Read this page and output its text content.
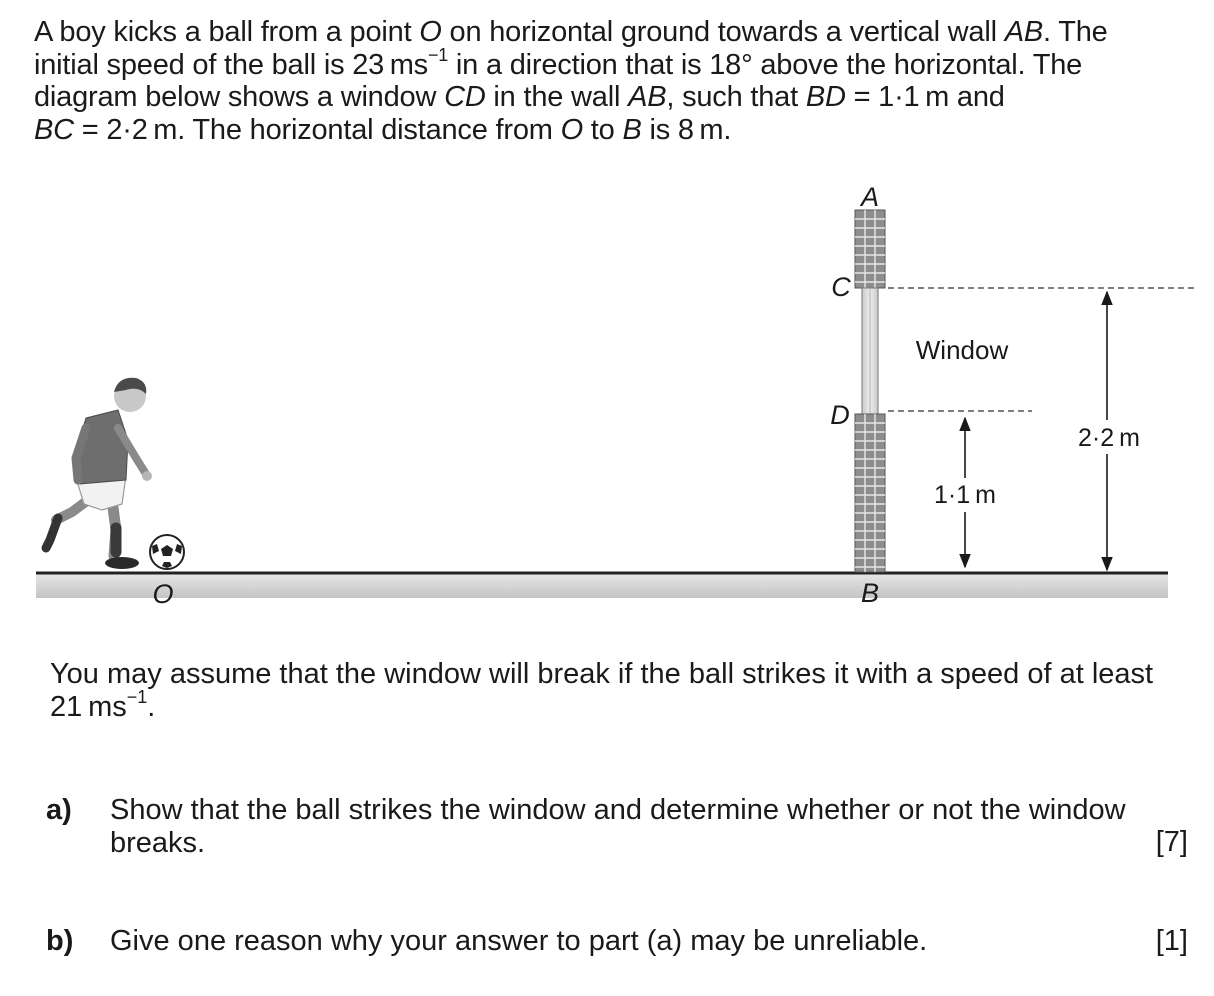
A boy kicks a ball from a point O on horizontal ground towards a vertical wall AB. The

initial speed of the ball is 23 $ms^{-1}$ in a direction that is 18° above the horizontal. The

diagram below shows a window CD in the wall AB, such that BD = 1·1 m and

BC = 2·2 m. The horizontal distance from O to B is 8 m.

A
C
D
B
O
Window
1·1 m
2·2 m

You may assume that the window will break if the ball strikes it with a speed of at least

21 $ms^{-1}$.

a) Show that the ball strikes the window and determine whether or not the window breaks.	[7]
b) Give one reason why your answer to part (a) may be unreliable.	[1]
